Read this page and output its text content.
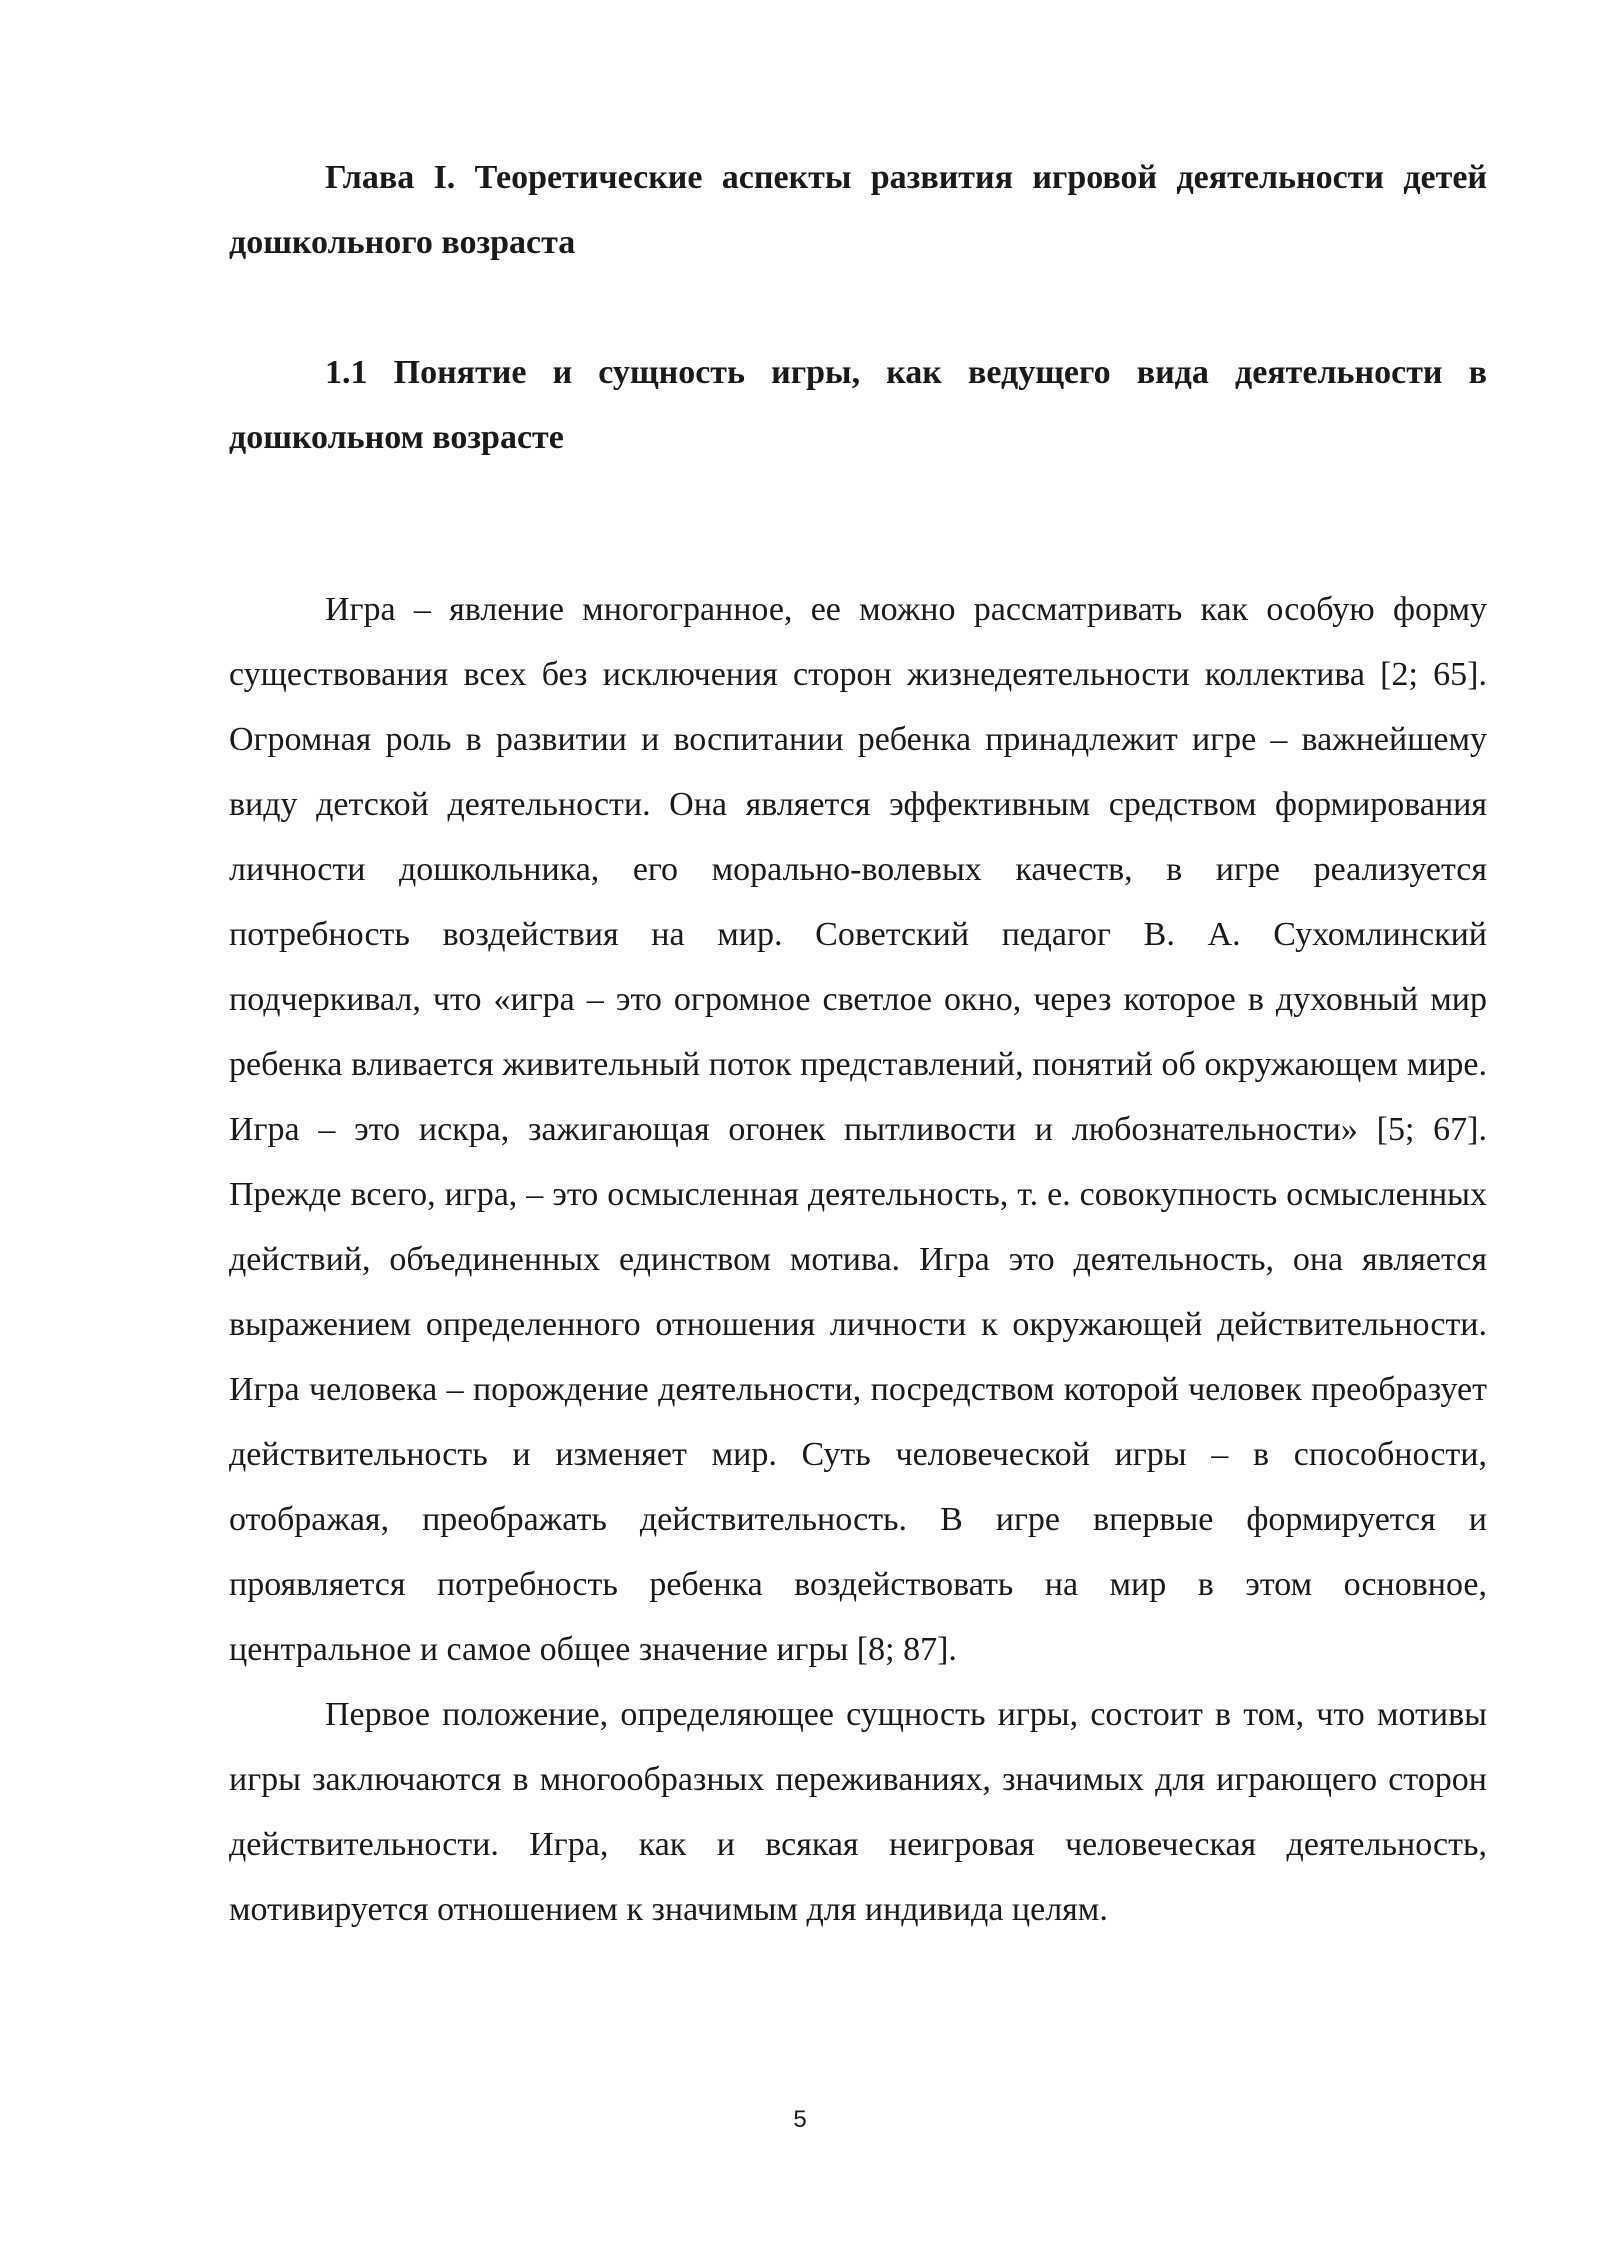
Глава I. Теоретические аспекты развития игровой деятельности детей дошкольного возраста
1.1 Понятие и сущность игры, как ведущего вида деятельности в дошкольном возрасте

Игра – явление многогранное, ее можно рассматривать как особую форму существования всех без исключения сторон жизнедеятельности коллектива [2; 65]. Огромная роль в развитии и воспитании ребенка принадлежит игре – важнейшему виду детской деятельности. Она является эффективным средством формирования личности дошкольника, его морально-волевых качеств, в игре реализуется потребность воздействия на мир. Советский педагог В. А. Сухомлинский подчеркивал, что «игра – это огромное светлое окно, через которое в духовный мир ребенка вливается живительный поток представлений, понятий об окружающем мире. Игра – это искра, зажигающая огонек пытливости и любознательности» [5; 67]. Прежде всего, игра, – это осмысленная деятельность, т. е. совокупность осмысленных действий, объединенных единством мотива. Игра это деятельность, она является выражением определенного отношения личности к окружающей действительности. Игра человека – порождение деятельности, посредством которой человек преобразует действительность и изменяет мир. Суть человеческой игры – в способности, отображая, преображать действительность. В игре впервые формируется и проявляется потребность ребенка воздействовать на мир в этом основное, центральное и самое общее значение игры [8; 87].

Первое положение, определяющее сущность игры, состоит в том, что мотивы игры заключаются в многообразных переживаниях, значимых для играющего сторон действительности. Игра, как и всякая неигровая человеческая деятельность, мотивируется отношением к значимым для индивида целям.

5
